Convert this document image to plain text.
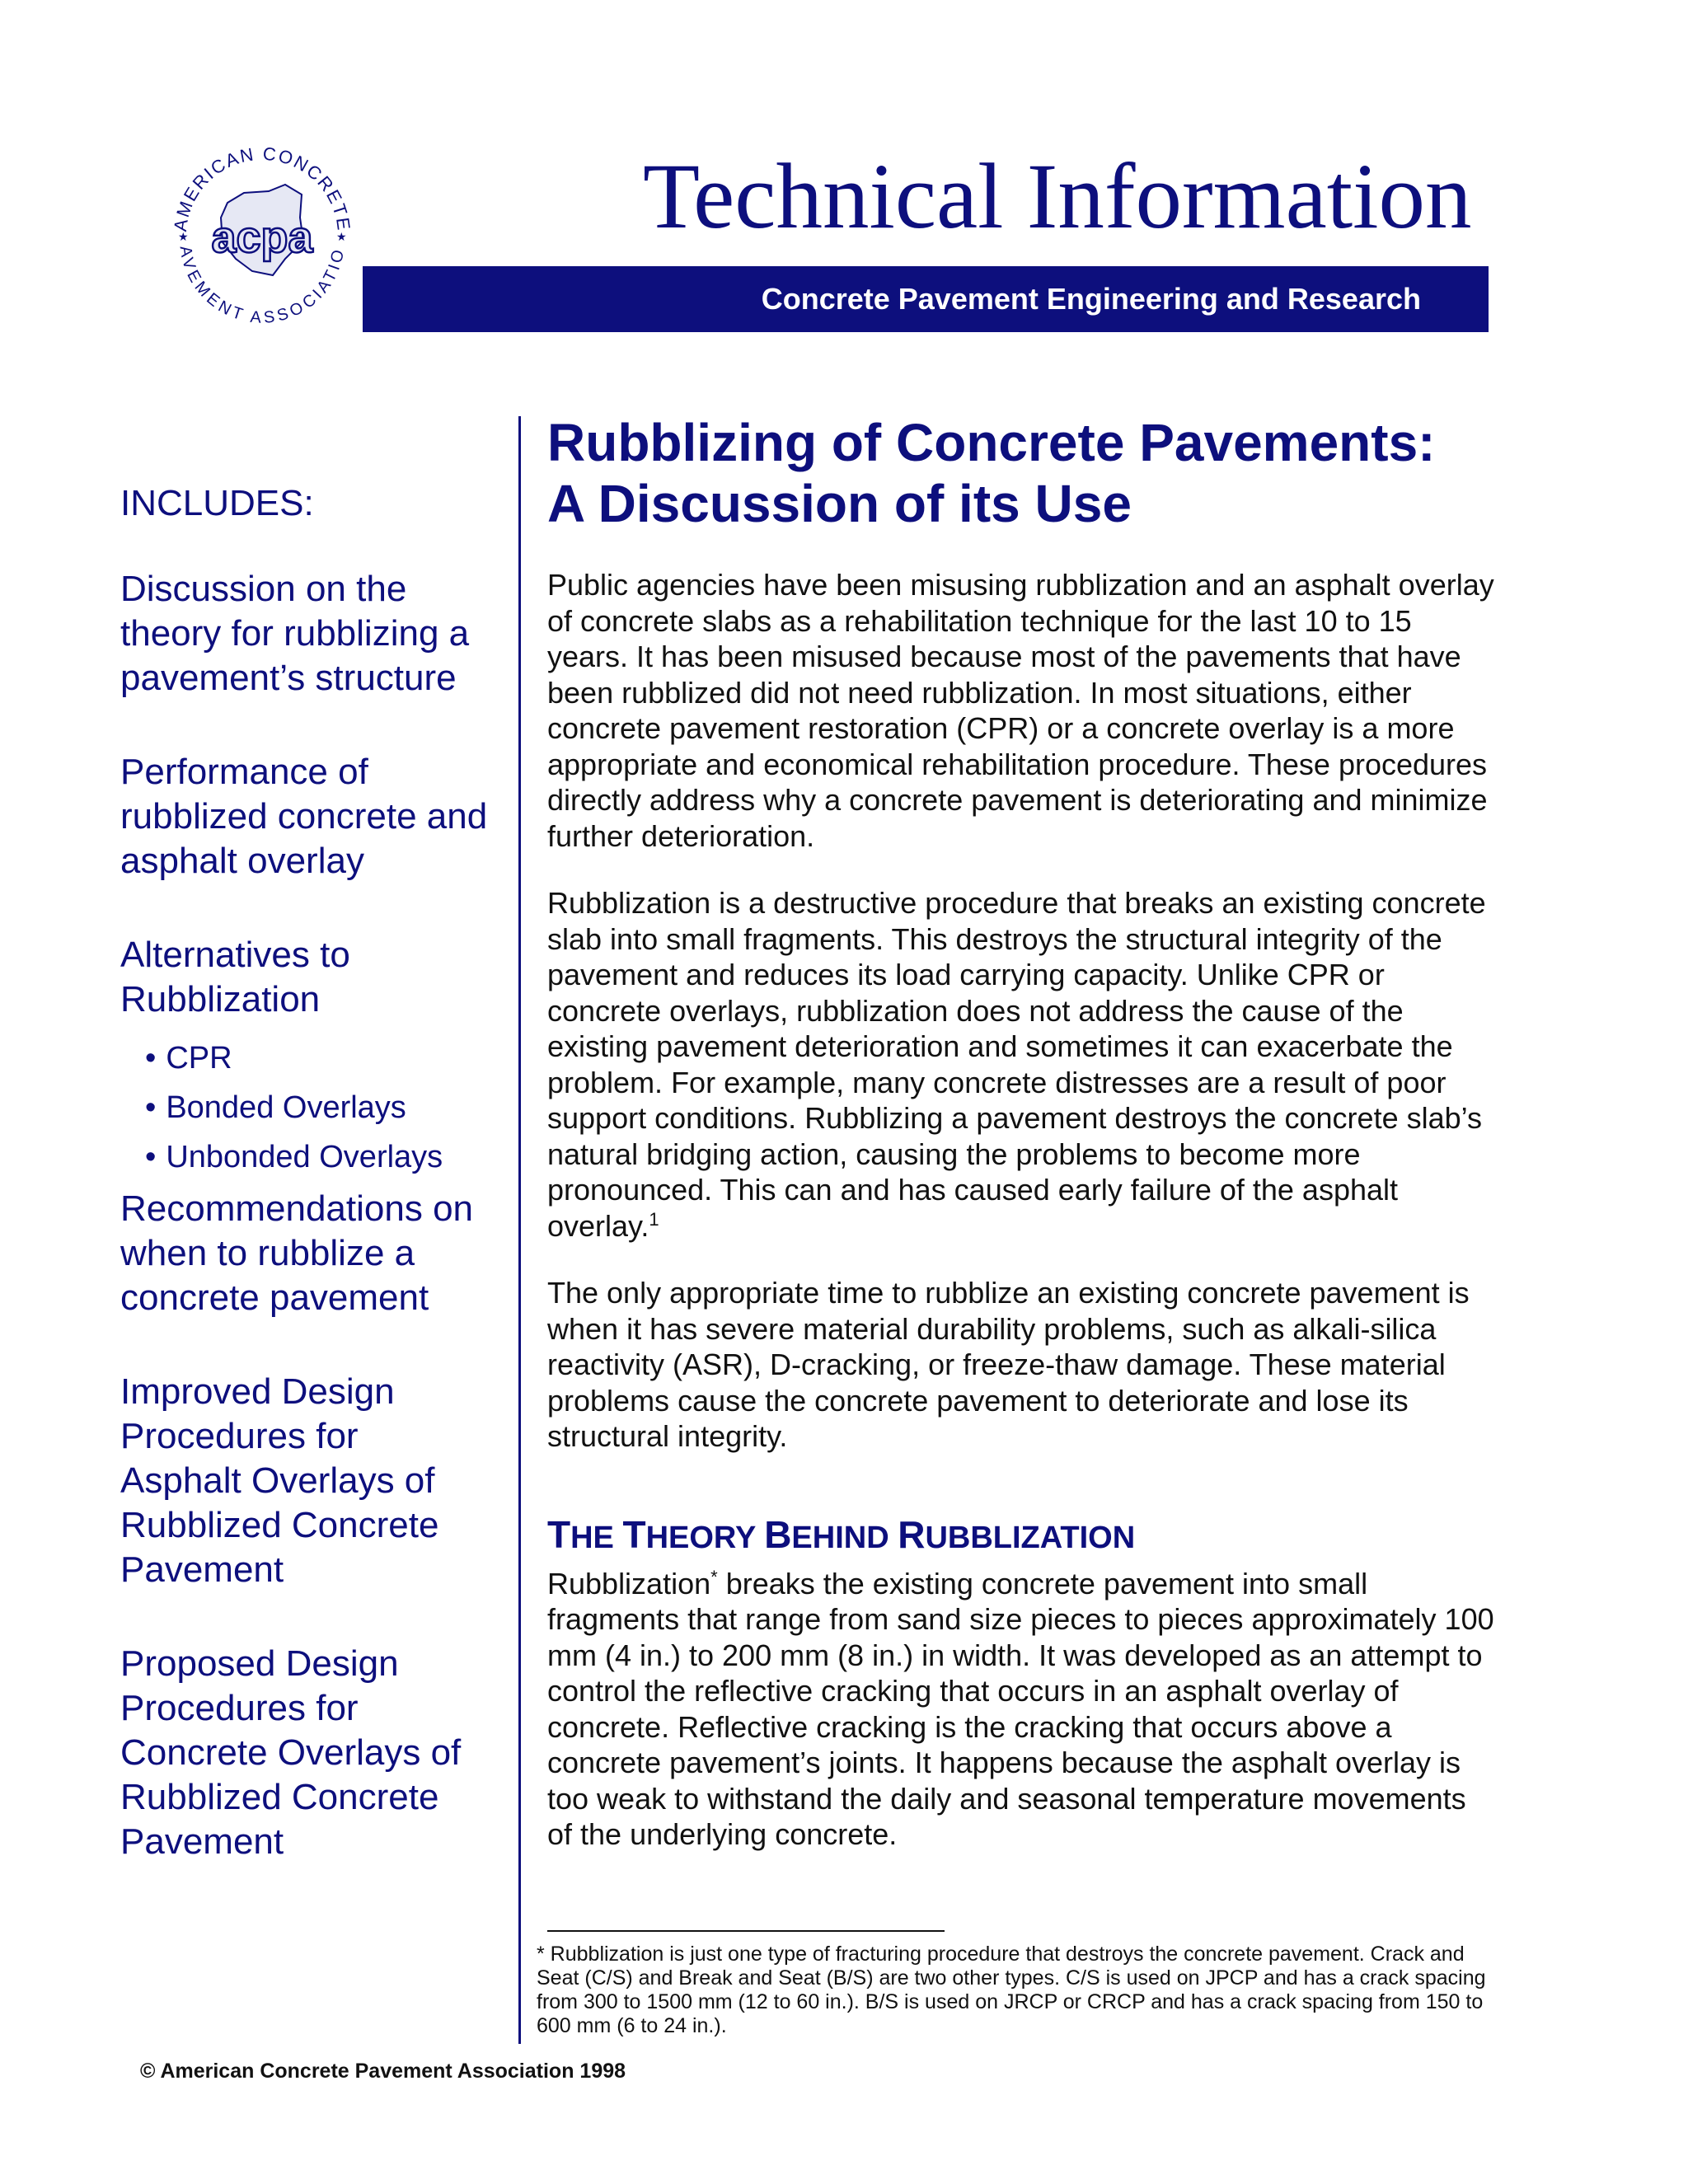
AMERICAN CONCRETE
AVEMENT ASSOCIATIO
★	★
acpa	Technical Information
Concrete Pavement Engineering and Research

INCLUDES:

Discussion on the theory for rubblizing a pavement’s structure

Performance of rubblized concrete and asphalt overlay

Alternatives to Rubblization

• CPR
• Bonded Overlays
• Unbonded Overlays

Recommendations on when to rubblize a concrete pavement

Improved Design Procedures for Asphalt Overlays of Rubblized Concrete Pavement

Proposed Design Procedures for Concrete Overlays of Rubblized Concrete Pavement

Rubblizing of Concrete Pavements:
A Discussion of its Use

Public agencies have been misusing rubblization and an asphalt overlay of concrete slabs as a rehabilitation technique for the last 10 to 15 years. It has been misused because most of the pavements that have been rubblized did not need rubblization. In most situations, either concrete pavement restoration (CPR) or a concrete overlay is a more appropriate and economical rehabilitation procedure. These procedures directly address why a concrete pavement is deteriorating and minimize further deterioration.

Rubblization is a destructive procedure that breaks an existing concrete slab into small fragments. This destroys the structural integrity of the pavement and reduces its load carrying capacity. Unlike CPR or concrete overlays, rubblization does not address the cause of the existing pavement deterioration and sometimes it can exacerbate the problem. For example, many concrete distresses are a result of poor support conditions. Rubblizing a pavement destroys the concrete slab’s natural bridging action, causing the problems to become more pronounced. This can and has caused early failure of the asphalt overlay.$^1$

The only appropriate time to rubblize an existing concrete pavement is when it has severe material durability problems, such as alkali-silica reactivity (ASR), D-cracking, or freeze-thaw damage. These material problems cause the concrete pavement to deteriorate and lose its structural integrity.

THE THEORY BEHIND RUBBLIZATION

Rubblization* breaks the existing concrete pavement into small fragments that range from sand size pieces to pieces approximately 100 mm (4 in.) to 200 mm (8 in.) in width. It was developed as an attempt to control the reflective cracking that occurs in an asphalt overlay of concrete. Reflective cracking is the cracking that occurs above a concrete pavement’s joints. It happens because the asphalt overlay is too weak to withstand the daily and seasonal temperature movements of the underlying concrete.

* Rubblization is just one type of fracturing procedure that destroys the concrete pavement. Crack and Seat (C/S) and Break and Seat (B/S) are two other types. C/S is used on JPCP and has a crack spacing from 300 to 1500 mm (12 to 60 in.). B/S is used on JRCP or CRCP and has a crack spacing from 150 to 600 mm (6 to 24 in.).

© American Concrete Pavement Association 1998
